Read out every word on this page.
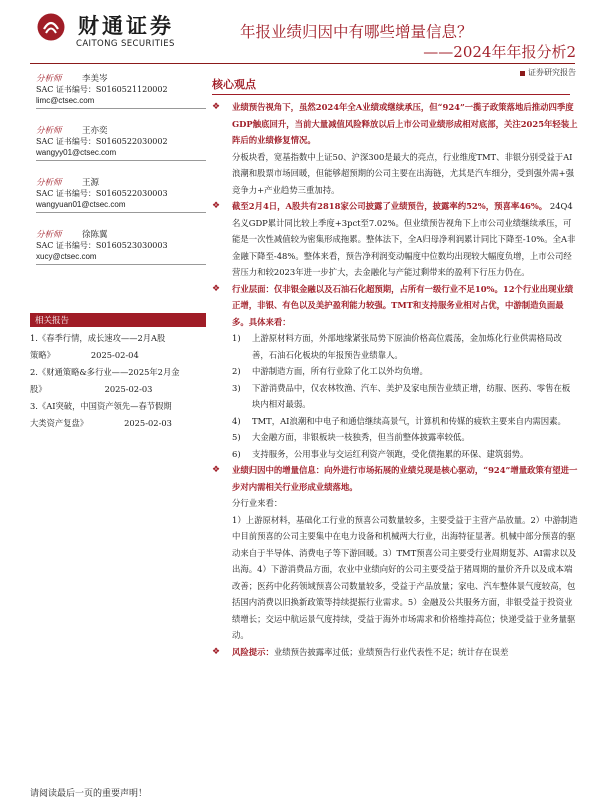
财通证券
CAITONG SECURITIES
年报业绩归因中有哪些增量信息？
——2024年年报分析2
证券研究报告
分析师 李美岑
SAC 证书编号：S0160521120002
limc@ctsec.com
分析师 王亦奕
SAC 证书编号：S0160522030002
wangyy01@ctsec.com
分析师 王源
SAC 证书编号：S0160522030003
wangyuan01@ctsec.com
分析师 徐陈翼
SAC 证书编号：S0160523030003
xucy@ctsec.com
相关报告
1.《春季行情，成长速攻——2月A股
策略》	2025-02-04
2.《财通策略&多行业——2025年2月金
股》	2025-02-03
3.《AI突破，中国资产领先—春节假期
大类资产复盘》	2025-02-03
核心观点
❖ 业绩预告视角下，虽然2024年全A业绩或继续承压，但“924”一揽子政策落地后推动四季度GDP触底回升，当前大量减值风险释放以后上市公司业绩形成相对底部，关注2025年轻装上阵后的业绩修复情况。
分板块看，宽基指数中上证50、沪深300是最大的亮点，行业维度TMT、非银分别受益于AI浪潮和股票市场回暖，但能够超预期的公司主要在出海链，尤其是汽车细分，受到强外需+强竞争力+产业趋势三重加持。
❖ 截至2月4日，A股共有2818家公司披露了业绩预告，披露率约52%，预喜率46%。 24Q4名义GDP累计同比较上季度+3pct至7.02%。但业绩预告视角下上市公司业绩继续承压，可能是一次性减值较为密集形成拖累。整体法下，全A归母净利润累计同比下降至-10%。全A非金融下降至-48%。整体来看，预告净利润变动幅度中位数均出现较大幅度负增，上市公司经营压力和较2023年进一步扩大，去金融化与产能过剩带来的盈利下行压力仍在。
❖ 行业层面：仅非银金融以及石油石化超预期，占所有一级行业不足10%。12个行业出现业绩正增，非银、有色以及美护盈利能力较强。TMT和支持服务业相对占优，中游制造负面最多。具体来看：
1) 上游原材料方面，外部地缘紧张局势下原油价格高位震荡，金加炼化行业供需格局改善，石油石化板块的年报预告业绩靠人。
2) 中游制造方面，所有行业除了化工以外均负增。
3) 下游消费品中，仅农林牧渔、汽车、美护及家电预告业绩正增，纺服、医药、零售在板块内相对最弱。
4) TMT，AI浪潮和中电子和通信继续高景气，计算机和传媒的疲软主要来自内需因素。
5) 大金融方面，非银板块一枝独秀，但当前整体披露率较低。
6) 支持服务，公用事业与交运红利资产领跑，受化债拖累的环保、建筑弱势。
❖ 业绩归因中的增量信息：向外进行市场拓展的业绩兑现是核心驱动，“924”增量政策有望进一步对内需相关行业形成业绩落地。
分行业来看：
1）上游原材料，基础化工行业的预喜公司数量较多，主要受益于主营产品放量。2）中游制造中目前预喜的公司主要集中在电力设备和机械两大行业，出海特征显著。机械中部分预喜的驱动来自于半导体、消费电子等下游回暖。3）TMT预喜公司主要受行业周期复苏、AI需求以及出海。4）下游消费品方面，农业中业绩向好的公司主要受益于猪周期的量价齐升以及成本端改善；医药中化药领域预喜公司数量较多，受益于产品放量；家电、汽车整体景气度较高，包括国内消费以旧换新政策等持续提振行业需求。5）金融及公共服务方面，非银受益于投资业绩增长；交运中航运景气度持续，受益于海外市场需求和价格维持高位；快递受益于业务量驱动。
❖ 风险提示：业绩预告披露率过低；业绩预告行业代表性不足；统计存在误差
请阅读最后一页的重要声明！
